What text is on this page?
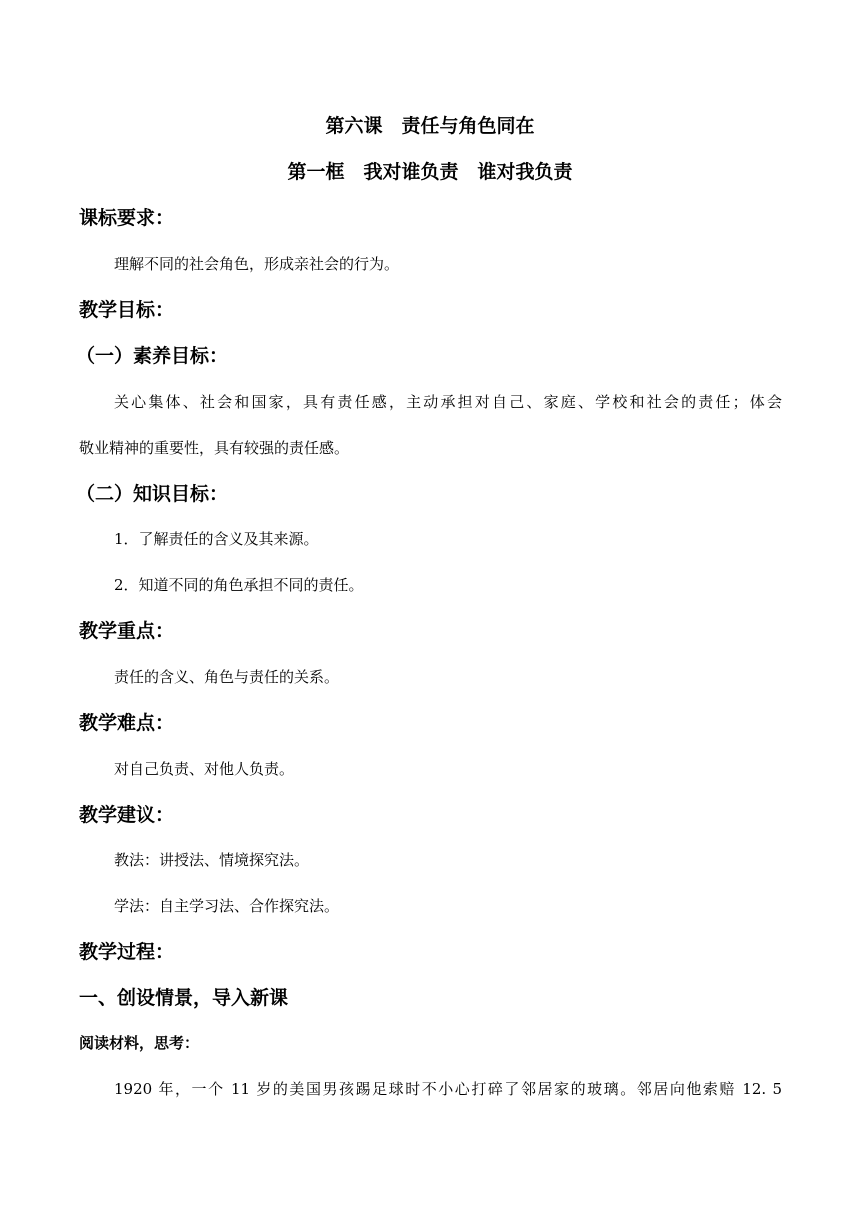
第六课　责任与角色同在
第一框　我对谁负责　谁对我负责
课标要求：
理解不同的社会角色，形成亲社会的行为。
教学目标：
（一）素养目标：
关心集体、社会和国家，具有责任感，主动承担对自己、家庭、学校和社会的责任；体会
敬业精神的重要性，具有较强的责任感。
（二）知识目标：
1．了解责任的含义及其来源。
2．知道不同的角色承担不同的责任。
教学重点：
责任的含义、角色与责任的关系。
教学难点：
对自己负责、对他人负责。
教学建议：
教法：讲授法、情境探究法。
学法：自主学习法、合作探究法。
教学过程：
一、创设情景，导入新课
阅读材料，思考：
1920 年，一个 11 岁的美国男孩踢足球时不小心打碎了邻居家的玻璃。邻居向他索赔 12. 5
